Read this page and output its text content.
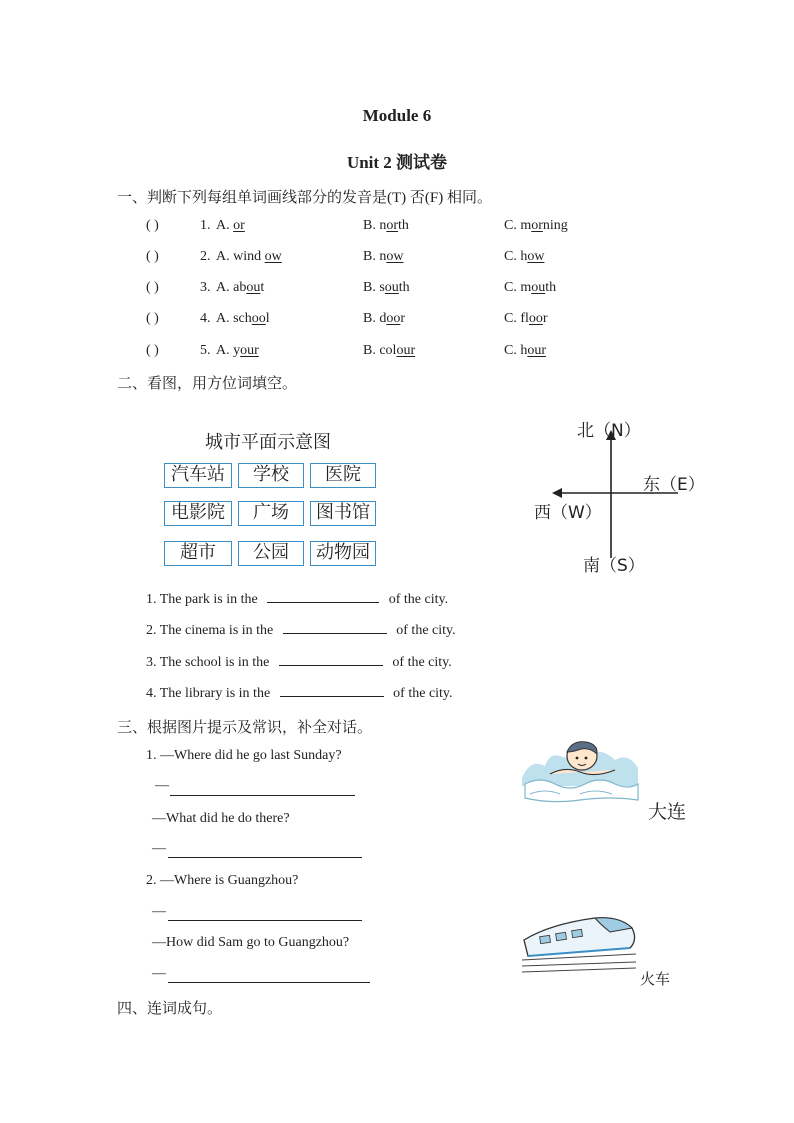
Module 6
Unit 2 测试卷
一、判断下列每组单词画线部分的发音是(T) 否(F) 相同。
( )	1. A. or	B. north	C. morning
( )	2. A. wind ow	B. now	C. how
( )	3. A. about	B. south	C. mouth
( )	4. A. school	B. door	C. floor
( )	5. A. your	B. colour	C. hour
二、看图，用方位词填空。
城市平面示意图
汽车站	学校	医院
电影院	广场	图书馆
超市	公园	动物园
北（N）
东（E）
西（W）
南（S）
1. The park is in the	of the city.
2. The cinema is in the	of the city.
3. The school is in the	of the city.
4. The library is in the	of the city.
三、根据图片提示及常识，补全对话。
1. —Where did he go last Sunday?
—
—What did he do there?
—
2. —Where is Guangzhou?
—
—How did Sam go to Guangzhou?
—
大连
火车
四、连词成句。
